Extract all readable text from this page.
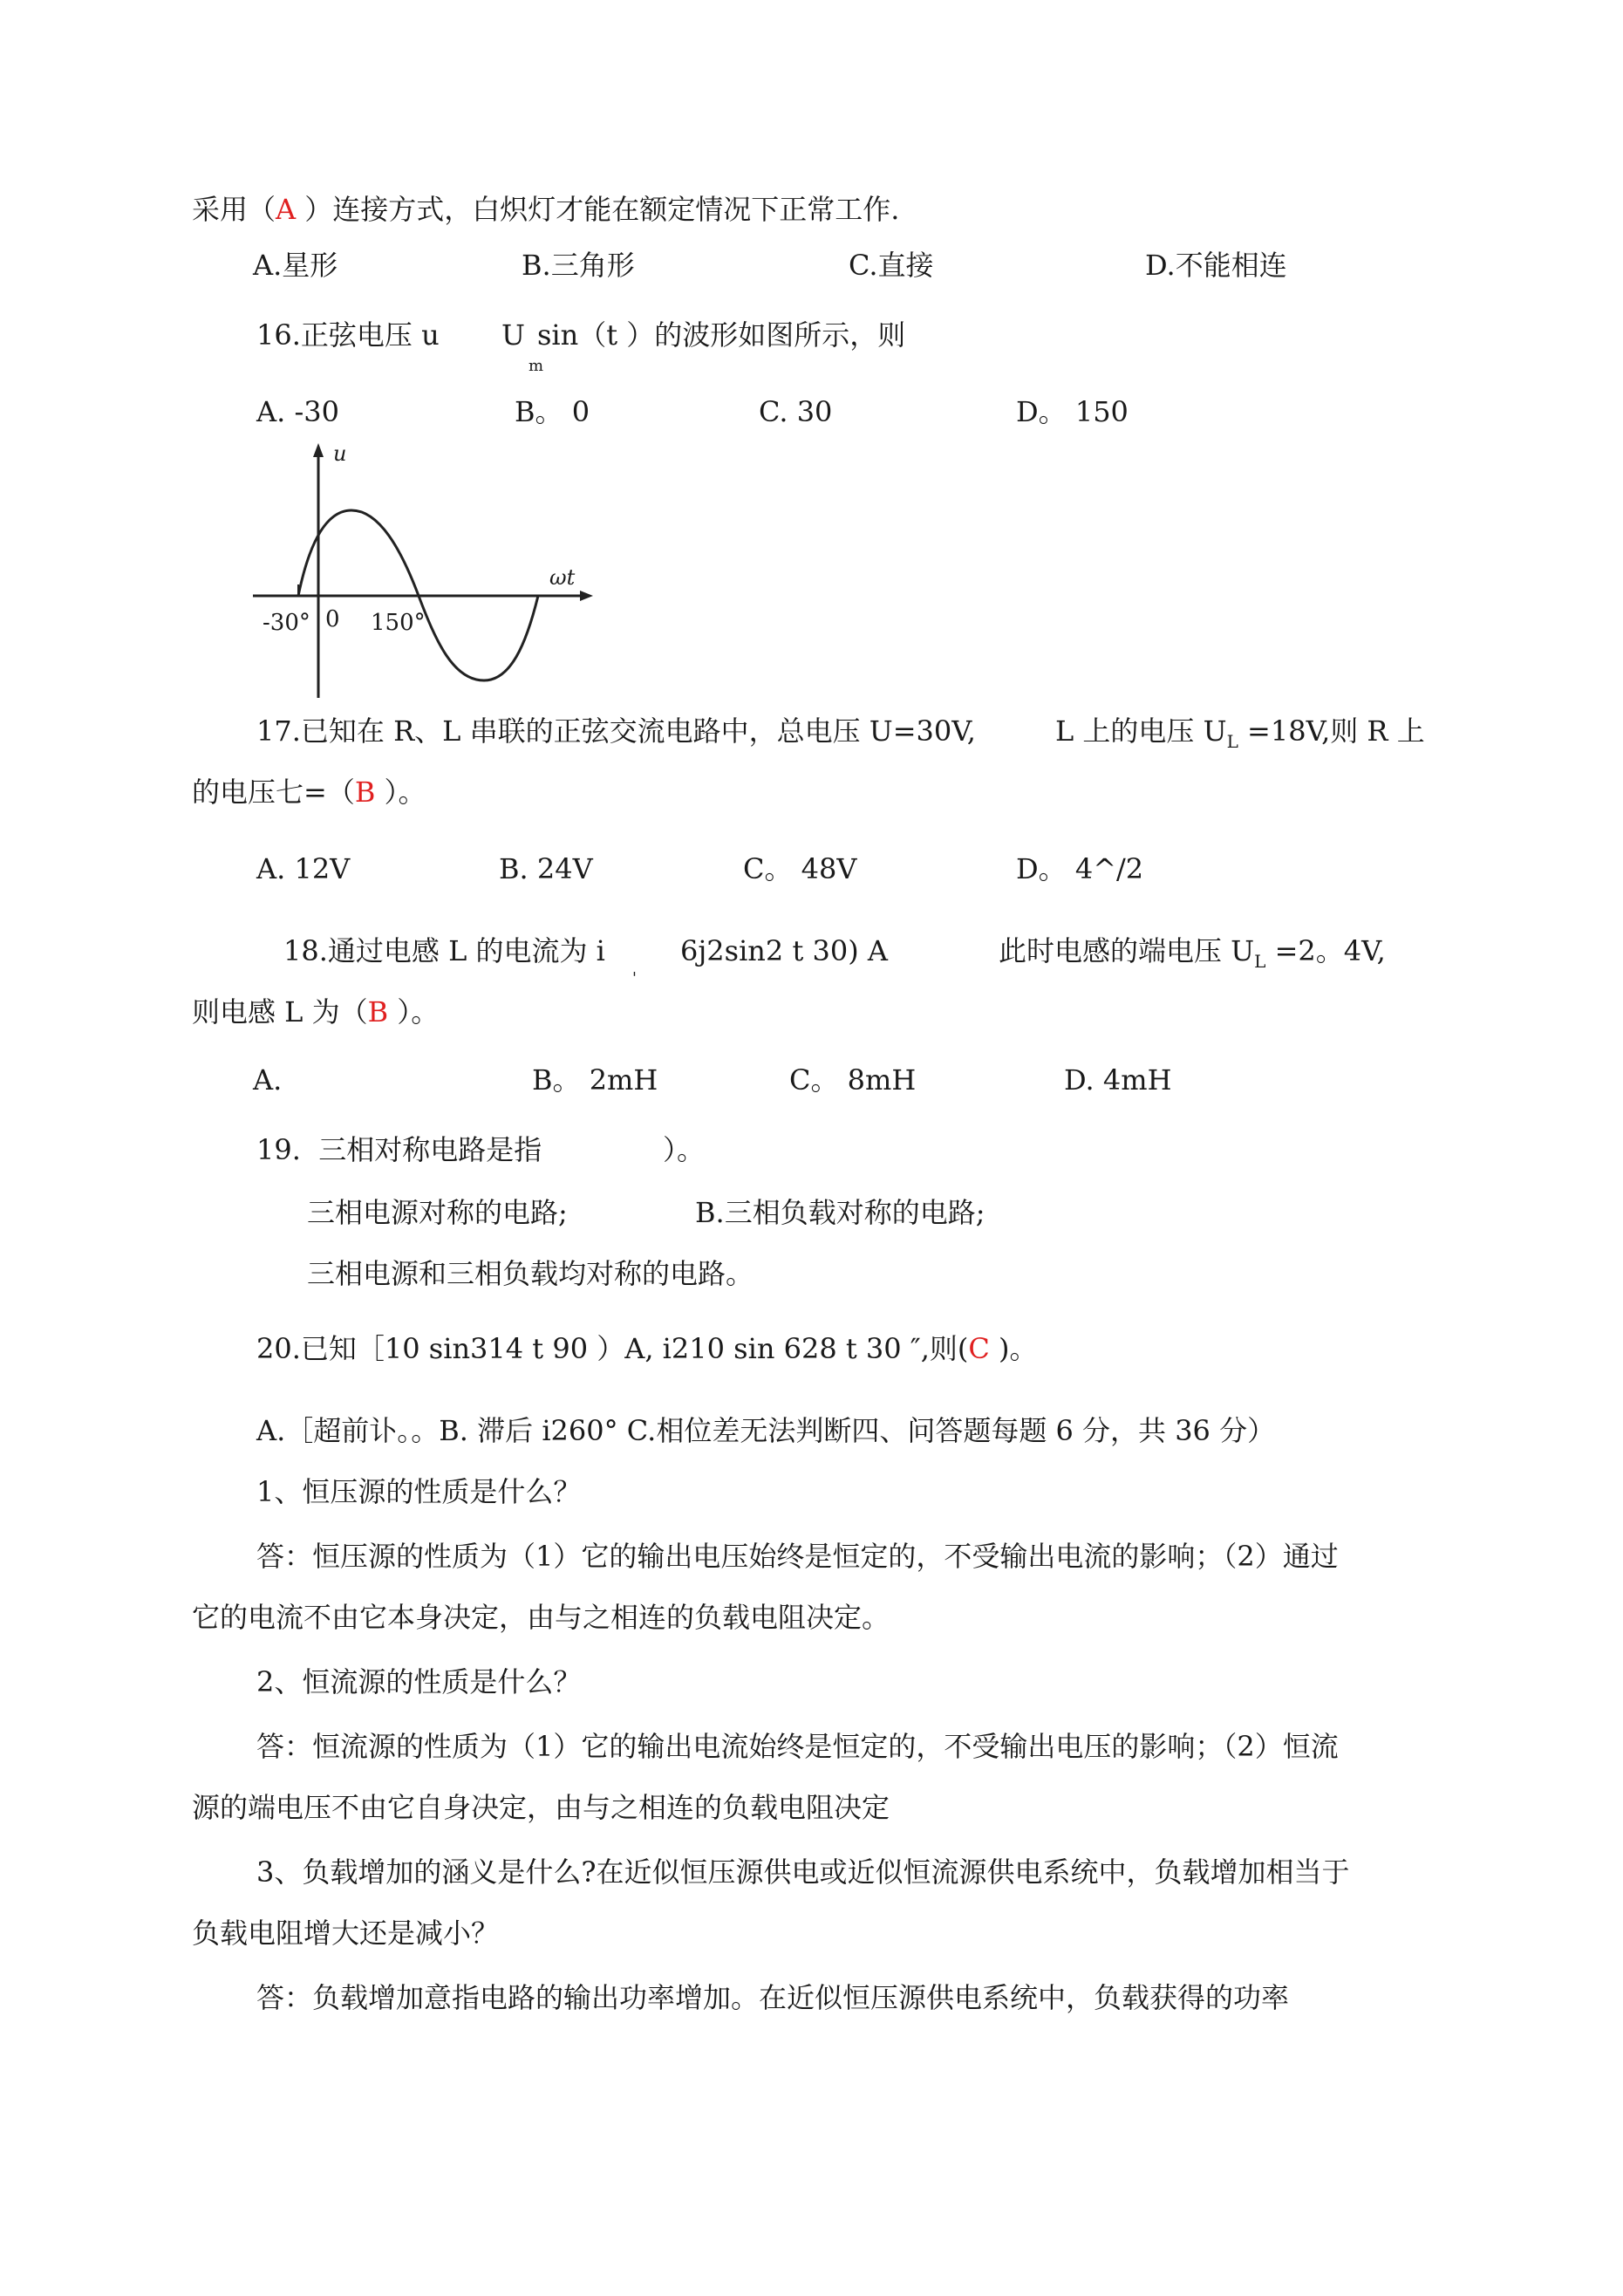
采用（A ）连接方式，白炽灯才能在额定情况下正常工作.
A.星形	B.三角形	C.直接	D.不能相连
16.正弦电压 u U sin（t ）的波形如图所示，则
m
A. -30	B。 0	C. 30	D。 150
u
ωt
-30° 0 150°
17.已知在 R、L 串联的正弦交流电路中，总电压 U=30V,	L 上的电压 $U_L =18V$,则 R 上
的电压七=（B ）。
A. 12V	B. 24V	C。 48V	D。 4^/2
18.通过电感 L 的电流为 i	6j2sin2 t 30) A	此时电感的端电压 $U_L =2$。4V,
'
则电感 L 为（B ）。
A.	B。 2mH	C。 8mH	D. 4mH
19.  三相对称电路是指	）。
三相电源对称的电路;	B.三相负载对称的电路;
三相电源和三相负载均对称的电路。
20.已知［10 sin314 t 90 ）A, i210 sin 628 t 30 ″,则(C )。
A.［超前讣。。B. 滞后 i260° C.相位差无法判断四、问答题每题 6 分，共 36 分）
1、恒压源的性质是什么？
答：恒压源的性质为（1）它的输出电压始终是恒定的，不受输出电流的影响；（2）通过
它的电流不由它本身决定，由与之相连的负载电阻决定。
2、恒流源的性质是什么？
答：恒流源的性质为（1）它的输出电流始终是恒定的，不受输出电压的影响；（2）恒流
源的端电压不由它自身决定，由与之相连的负载电阻决定
3、负载增加的涵义是什么?在近似恒压源供电或近似恒流源供电系统中，负载增加相当于
负载电阻增大还是减小？
答：负载增加意指电路的输出功率增加。在近似恒压源供电系统中，负载获得的功率
